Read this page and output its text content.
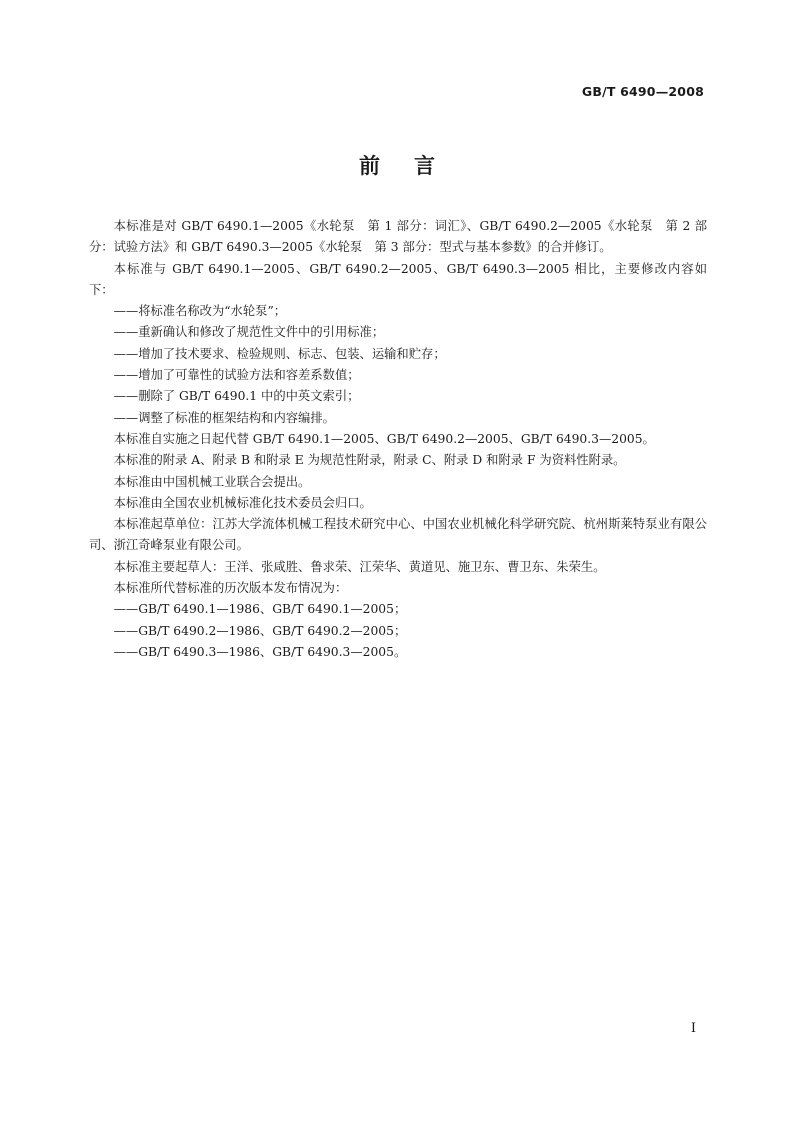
GB/T 6490—2008
前言

本标准是对 GB/T 6490.1—2005《水轮泵　第 1 部分：词汇》、GB/T 6490.2—2005《水轮泵　第 2 部分：试验方法》和 GB/T 6490.3—2005《水轮泵　第 3 部分：型式与基本参数》的合并修订。

本标准与 GB/T 6490.1—2005、GB/T 6490.2—2005、GB/T 6490.3—2005 相比，主要修改内容如下：

——将标准名称改为“水轮泵”；

——重新确认和修改了规范性文件中的引用标准；

——增加了技术要求、检验规则、标志、包装、运输和贮存；

——增加了可靠性的试验方法和容差系数值；

——删除了 GB/T 6490.1 中的中英文索引；

——调整了标准的框架结构和内容编排。

本标准自实施之日起代替 GB/T 6490.1—2005、GB/T 6490.2—2005、GB/T 6490.3—2005。

本标准的附录 A、附录 B 和附录 E 为规范性附录，附录 C、附录 D 和附录 F 为资料性附录。

本标准由中国机械工业联合会提出。

本标准由全国农业机械标准化技术委员会归口。

本标准起草单位：江苏大学流体机械工程技术研究中心、中国农业机械化科学研究院、杭州斯莱特泵业有限公司、浙江奇峰泵业有限公司。

本标准主要起草人：王洋、张咸胜、鲁求荣、江荣华、黄道见、施卫东、曹卫东、朱荣生。

本标准所代替标准的历次版本发布情况为：

——GB/T 6490.1—1986、GB/T 6490.1—2005；

——GB/T 6490.2—1986、GB/T 6490.2—2005；

——GB/T 6490.3—1986、GB/T 6490.3—2005。

I
